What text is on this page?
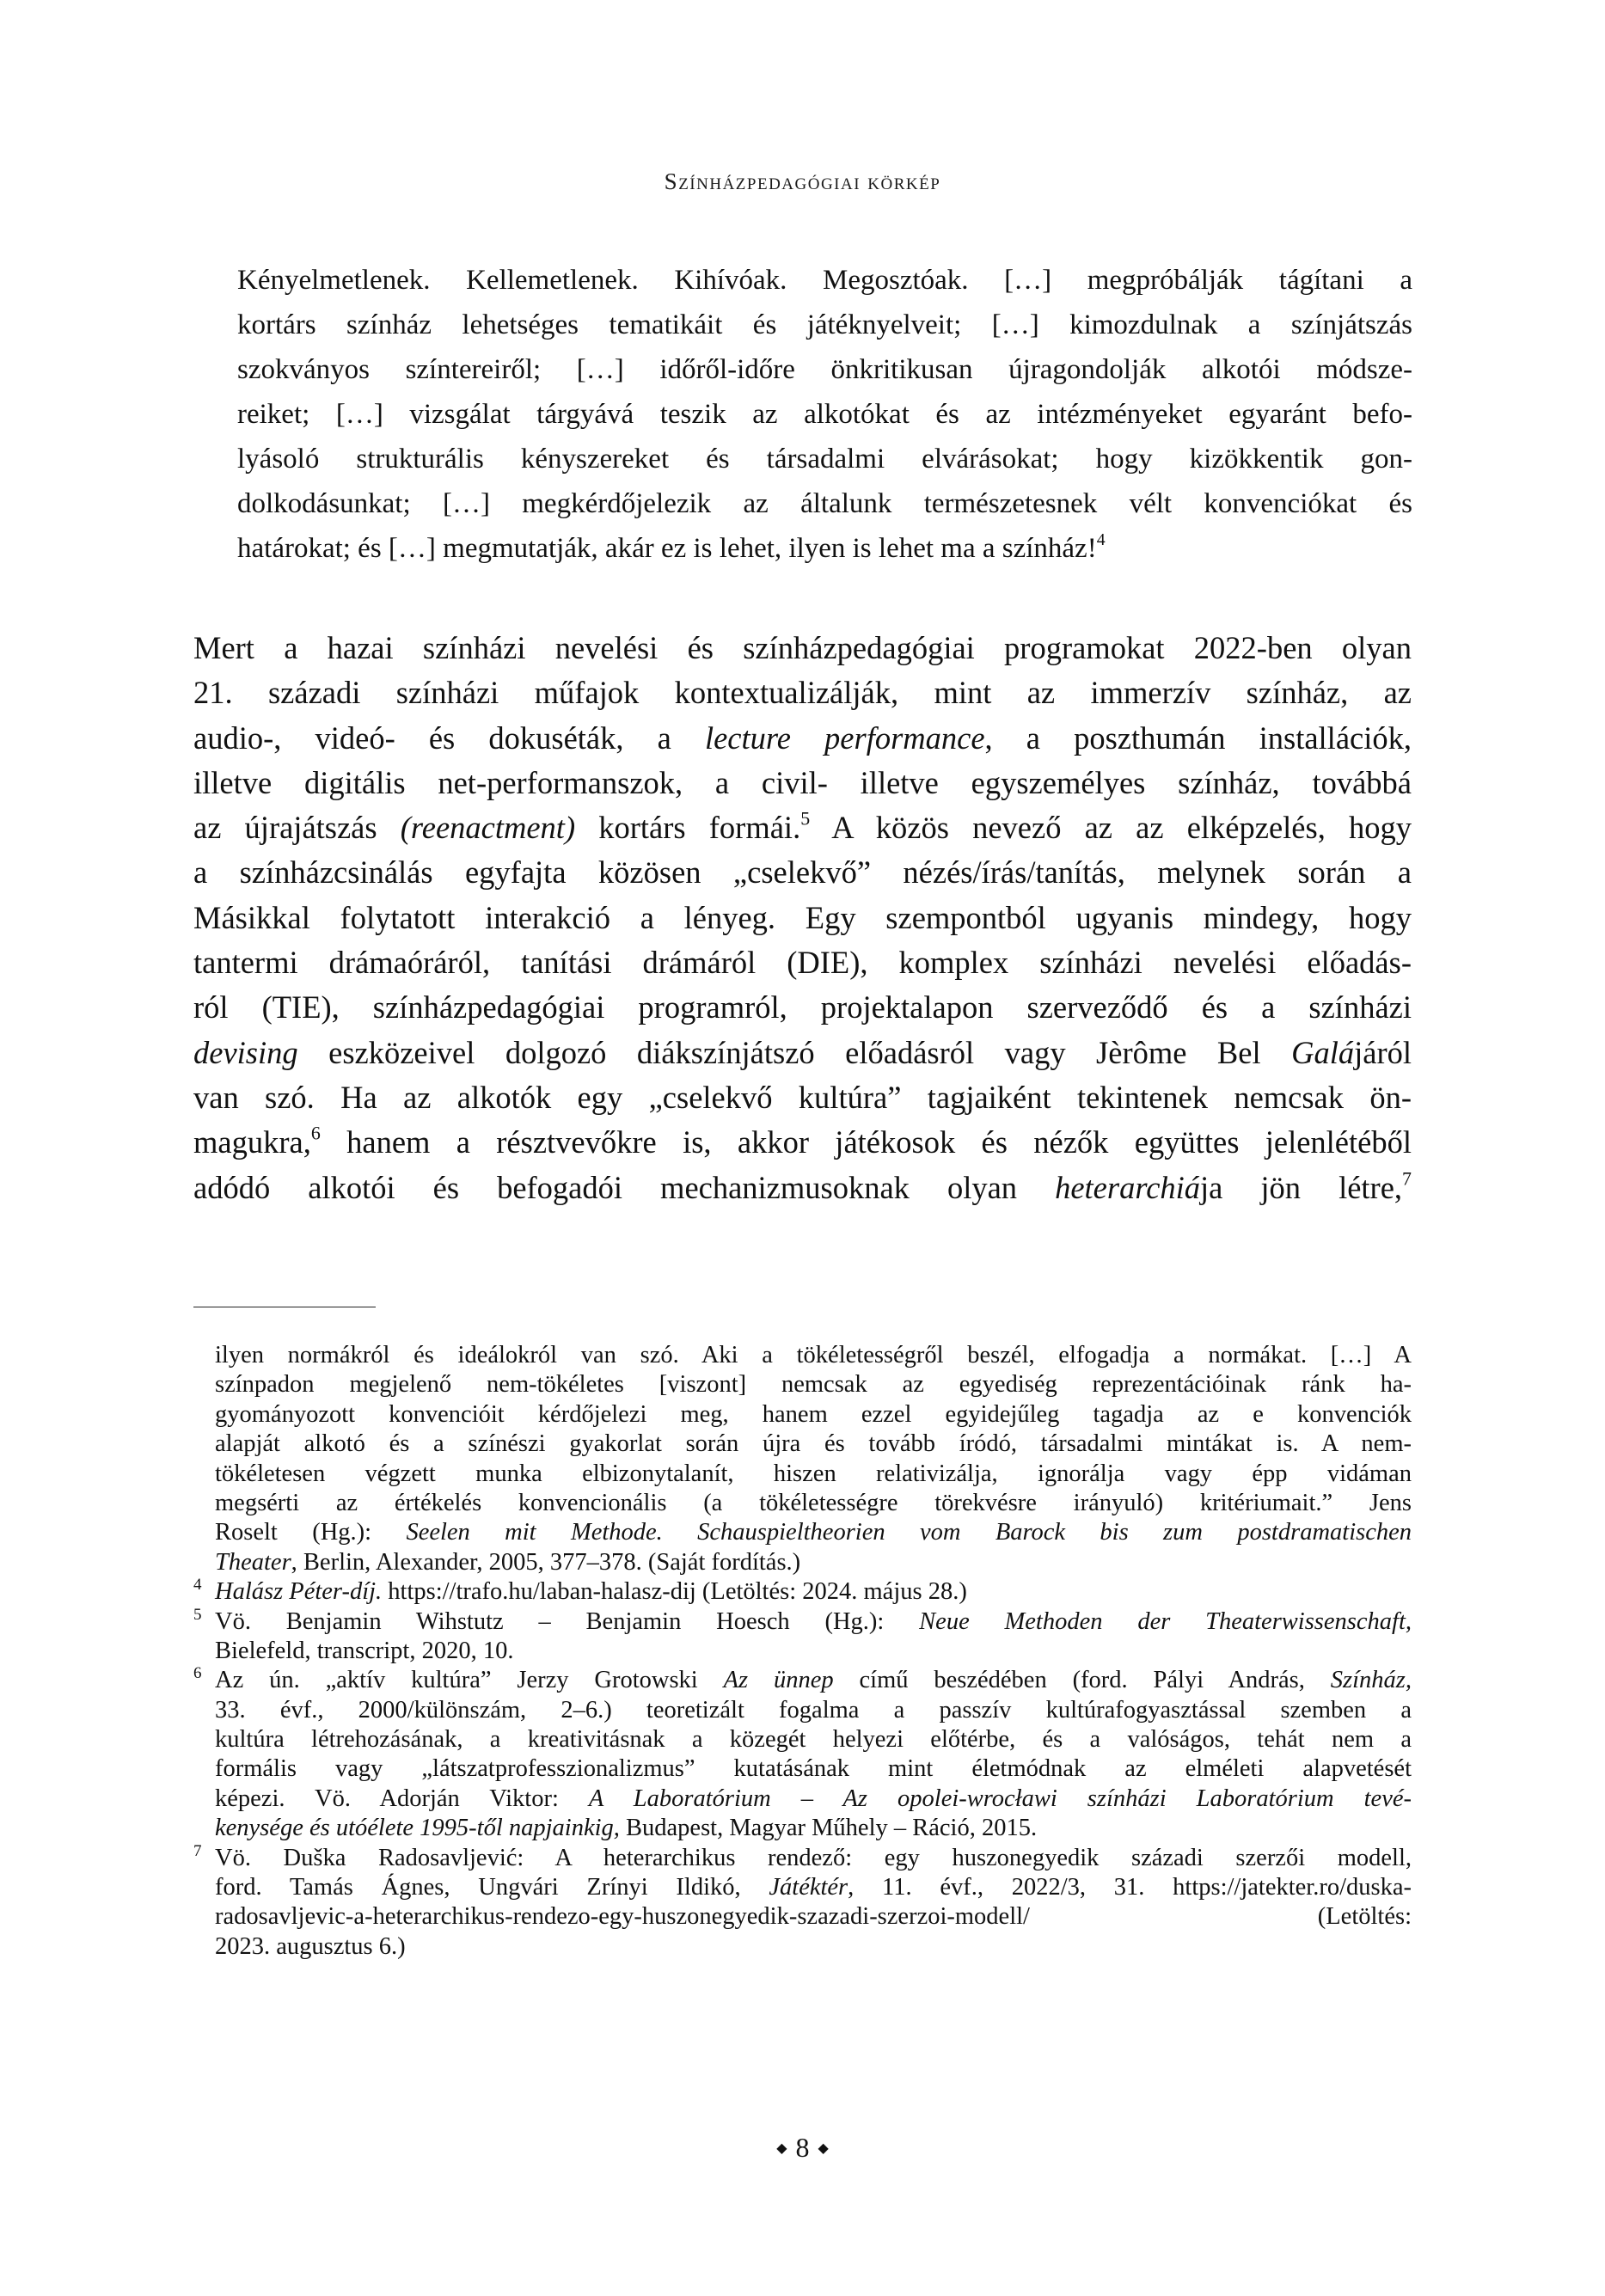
Színházpedagógiai körkép
Kényelmetlenek. Kellemetlenek. Kihívóak. Megosztóak. […] megpróbálják tágítani a
kortárs színház lehetséges tematikáit és játéknyelveit; […] kimozdulnak a színjátszás
szokványos színtereiről; […] időről-időre önkritikusan újragondolják alkotói módsze-
reiket; […] vizsgálat tárgyává teszik az alkotókat és az intézményeket egyaránt befo-
lyásoló strukturális kényszereket és társadalmi elvárásokat; hogy kizökkentik gon-
dolkodásunkat; […] megkérdőjelezik az általunk természetesnek vélt konvenciókat és
határokat; és […] megmutatják, akár ez is lehet, ilyen is lehet ma a színház!$^4$
Mert a hazai színházi nevelési és színházpedagógiai programokat 2022-ben olyan
21. századi színházi műfajok kontextualizálják, mint az immerzív színház, az
audio-, videó- és dokuséták, a lecture performance, a poszthumán installációk,
illetve digitális net-performanszok, a civil- illetve egyszemélyes színház, továbbá
az újrajátszás (reenactment) kortárs formái.$^5$ A közös nevező az az elképzelés, hogy
a színházcsinálás egyfajta közösen „cselekvő” nézés/írás/tanítás, melynek során a
Másikkal folytatott interakció a lényeg. Egy szempontból ugyanis mindegy, hogy
tantermi drámaóráról, tanítási drámáról (DIE), komplex színházi nevelési előadás-
ról (TIE), színházpedagógiai programról, projektalapon szerveződő és a színházi
devising eszközeivel dolgozó diákszínjátszó előadásról vagy Jèrôme Bel Galájáról
van szó. Ha az alkotók egy „cselekvő kultúra” tagjaiként tekintenek nemcsak ön-
magukra,$^6$ hanem a résztvevőkre is, akkor játékosok és nézők együttes jelenlétéből
adódó alkotói és befogadói mechanizmusoknak olyan heterarchiája jön létre,$^7$
ilyen normákról és ideálokról van szó. Aki a tökéletességről beszél, elfogadja a normákat. […] A
színpadon megjelenő nem-tökéletes [viszont] nemcsak az egyediség reprezentációinak ránk ha-
gyományozott konvencióit kérdőjelezi meg, hanem ezzel egyidejűleg tagadja az e konvenciók
alapját alkotó és a színészi gyakorlat során újra és tovább íródó, társadalmi mintákat is. A nem-
tökéletesen végzett munka elbizonytalanít, hiszen relativizálja, ignorálja vagy épp vidáman
megsérti az értékelés konvencionális (a tökéletességre törekvésre irányuló) kritériumait.” Jens
Roselt (Hg.): Seelen mit Methode. Schauspieltheorien vom Barock bis zum postdramatischen
Theater, Berlin, Alexander, 2005, 377–378. (Saját fordítás.)
4 Halász Péter-díj. https://trafo.hu/laban-halasz-dij (Letöltés: 2024. május 28.)
5 Vö. Benjamin Wihstutz – Benjamin Hoesch (Hg.): Neue Methoden der Theaterwissenschaft,
Bielefeld, transcript, 2020, 10.
6 Az ún. „aktív kultúra” Jerzy Grotowski Az ünnep című beszédében (ford. Pályi András, Színház,
33. évf., 2000/különszám, 2–6.) teoretizált fogalma a passzív kultúrafogyasztással szemben a
kultúra létrehozásának, a kreativitásnak a közegét helyezi előtérbe, és a valóságos, tehát nem a
formális vagy „látszatprofesszionalizmus” kutatásának mint életmódnak az elméleti alapvetését
képezi. Vö. Adorján Viktor: A Laboratórium – Az opolei-wrocławi színházi Laboratórium tevé-
kenysége és utóélete 1995-től napjainkig, Budapest, Magyar Műhely – Ráció, 2015.
7 Vö. Duška Radosavljević: A heterarchikus rendező: egy huszonegyedik századi szerzői modell,
ford. Tamás Ágnes, Ungvári Zrínyi Ildikó, Játéktér, 11. évf., 2022/3, 31. https://jatekter.ro/duska-
radosavljevic-a-heterarchikus-rendezo-egy-huszonegyedik-szazadi-szerzoi-modell/ (Letöltés:
2023. augusztus 6.)
◆ 8 ◆
